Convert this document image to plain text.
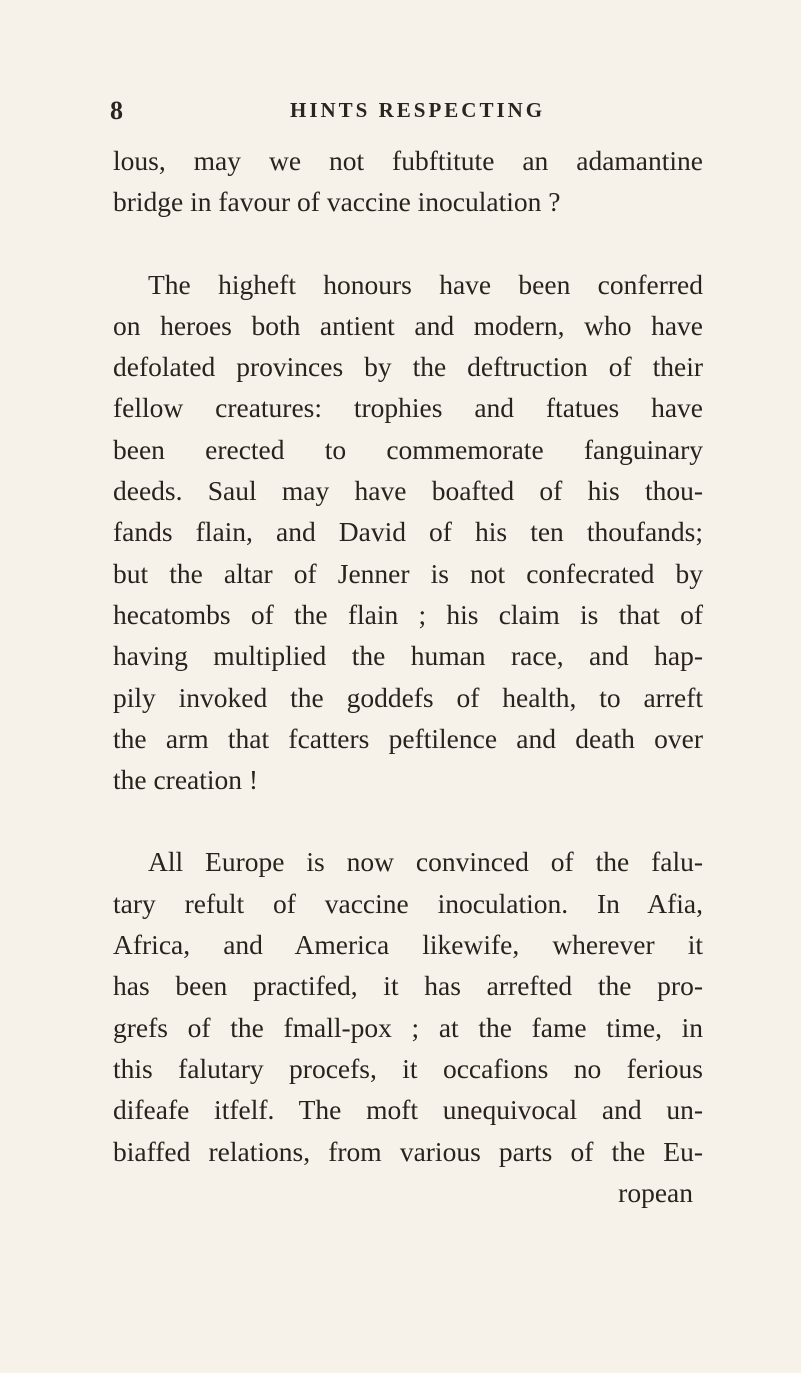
8	HINTS RESPECTING
lous, may we not fubftitute an adamantine
bridge in favour of vaccine inoculation ?
The higheft honours have been conferred
on heroes both antient and modern, who have
defolated provinces by the deftruction of their
fellow creatures: trophies and ftatues have
been erected to commemorate fanguinary
deeds. Saul may have boafted of his thou-
fands flain, and David of his ten thoufands;
but the altar of Jenner is not confecrated by
hecatombs of the flain ; his claim is that of
having multiplied the human race, and hap-
pily invoked the goddefs of health, to arreft
the arm that fcatters peftilence and death over
the creation !
All Europe is now convinced of the falu-
tary refult of vaccine inoculation. In Afia,
Africa, and America likewife, wherever it
has been practifed, it has arrefted the pro-
grefs of the fmall-pox ; at the fame time, in
this falutary procefs, it occafions no ferious
difeafe itfelf. The moft unequivocal and un-
biaffed relations, from various parts of the Eu-
ropean
